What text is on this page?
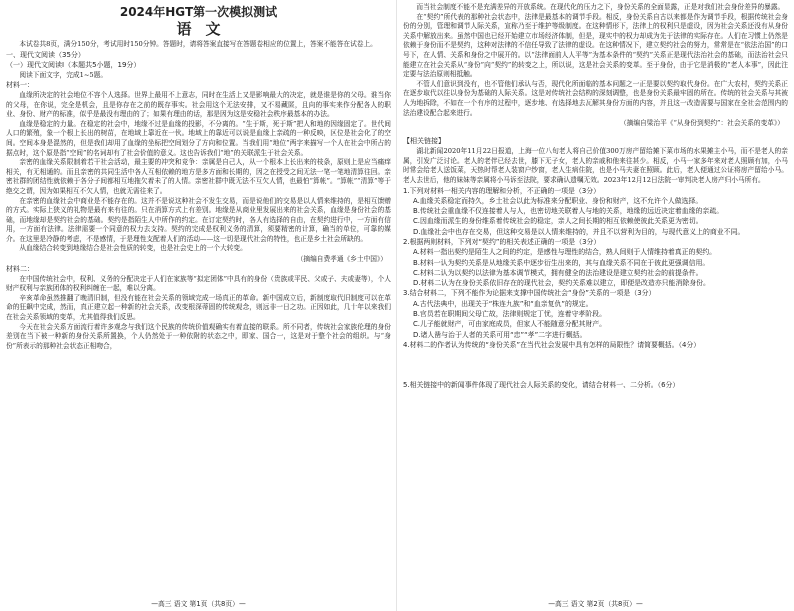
2024年HGT第一次模拟测试
语文

本试卷共8页，满分150分，考试用时150分钟。答题时，请将答案直接写在答题卷相应的位置上，答案不能答在试卷上。

一、现代文阅读（35分）

（一）现代文阅读Ⅰ（本题共5小题，19分）

阅读下面文字，完成1~5题。

材料一：

血缘所决定的社会地位不容个人选择。世界上最用不上意志，同时在生活上又是影响最大的决定，就是谁是你的父母。谁当你的父母，在你说，完全是机会，且是你存在之前的既存事实。社会用这个无法安排，又不易藏匿，且向的事实来作分配各人的职业、身份、财产的标准，似乎是最没有理由的了；如果有理由的话，那是因为这是安稳社会秩序最基本的办法。

血缘是稳定的力量。在稳定的社会中，地缘不过是血缘的投影，不分离的。“生于斯，死于斯”把人和地的因缘固定了。世代间人口的繁殖，象一个根上长出的树苗，在地域上靠近在一伙。地域上的靠近可以说是血缘上亲疏的一种反映，区位是社会化了的空间。空间本身是混然的，但是我们却用了血缘的坐标把空间划分了方向和位置。当我们用“地位”两字来描写一个人在社会中所占的据点时，这个原是指“空间”的名词却有了社会价值的意义。这也告诉我们“地”的关联派生于社会关系。

亲密的血缘关系限制着若干社会活动，最主要的冲突和竞争：亲属是自己人，从一个根本上长出来的枝条，原则上是应当痛痒相关，有无相通的。而且亲密的共同生活中各人互相依赖的地方是多方面和长期的，因之在授受之间无法一笔一笔地清算往回。亲密社群的团结性就依赖于各分子间都相互地拖欠着未了的人情。亲密社群中既无法不互欠人情，也最怕“算帐”。“算帐”“清算”等于绝交之谓，因为如果相互不欠人情，也就无需往来了。

在亲密的血缘社会中商业是不能存在的。这并不是说这种社会不发生交易，而是说他们的交易是以人情来维持的，是相互馈赠的方式。实际上狭义的礼物是最有来有往的。只在消算方式上有差别。地缘是从商业里发展出来的社会关系，血缘是身份社会的基础，而地缘却是契约社会的基础。契约是指陌生人中所作的约定。在订定契约时，各人有选择的自由，在契约进行中，一方面有信用，一方面有法律。法律需要一个同意的权力去支持。契约的完成是权利义务的清算，须要精密的计算，确当的单位，可靠的媒介。在这里是冷静的考虑，不是感情，于是理性支配着人们的活动——这一切是现代社会的特性，也正是乡土社会所缺的。

从血缘结合转变到地缘结合是社会性质的转变，也是社会史上的一个大转变。

（摘编自费孝通《乡土中国》）

材料二：

在中国传统社会中，权利、义务的分配决定于人们在家族等“拟定团体”中具有的身份（贵族或平民、父或子、夫或妻等），个人财产权利与亲族团体的权利纠缠在一起，难以分离。

辛亥革命虽然推翻了晚清旧制，但没有能在社会关系的领域完成一场真正的革命。新中国成立后，新制度取代旧制度可以在革命的狂飙中完成，然而，真正建立起一种新的社会关系，改变根深蒂固的传统观念，则远非一日之功。正因如此，几十年以来我们在社会关系领域的变革，尤其值得我们反思。

今天在社会关系方面流行着许多观念与我们这个民族的传统价值观确实有着直接的联系。所不同者，传统社会家族伦理的身份差别在当下被一种新的身份关系所置换，个人仍然处于一种依附的状态之中，即家、国合一，这是对于整个社会的组织。与“身份”所表示的那种社会状态正相吻合，

—高三 语文 第1页（共8页）—

而当社会制度不能不是充满差异的开放系统。在现代化的压力之下，身份关系的全面显露，正是对我们社会身份差异的暴露。

在“契约”所代表的那种社会状态中，法律是最基本的调节手段。相反，身份关系自古以来都是作为调节手段，根据传统社会身份的分别，管理和调节人际关系，宣称乃至于维护等级制度。在这种情形下，法律上的权利只是虚设，因为社会关系还没有从身份关系中解放出来。虽然中国也已经开始建立市场经济体制，但是，现实中的权力却成为先于法律的实际存在。人们在习惯上仍然是依赖于身份而不是契约，这种对法律的不信任导致了法律的虚设。在这种情况下，建立契约社会的努力，常常是在“依法治国”的口号下，在人情、关系和身份之中展开的。以“法律面前人人平等”为基本条件的“契约”关系正是现代法治社会的基础，而法治社会只能建立在社会关系从“身份”向“契约”的转变之上，所以说，这是社会关系的变革。至于身份，由于它是消极的“老人本事”，因此注定要与法治原则相抵触。

不管人们意识到没有，也不管他们承认与否，现代化所面临的基本问题之一正是要以契约取代身份。在广大农村，契约关系正在逐步取代以往以身份为基础的人际关系。这是对传统社会结构的深刻调整，也是身份关系最牢固的所在。传统的社会关系与其被人为地拆除，不如在一个有序的过程中，逐步地、有选择地去瓦解其身份方面的内容，并且这一改造需要与国家在全社会范围内的法治建设配合起来进行。

（摘编自梁治平《“从身份到契约”：社会关系的变革》）

【相关链接】

湖北新闻2020年11月22日报道，上海一位八旬老人将自己价值300万房产留给摊下菜市场的水果摊主小马，而不是老人的亲属，引发广泛讨论。老人的老伴已经去世，膝下无子女，老人的亲戚和他来往甚少。相反，小马一家多年来对老人照顾有加，小马时常会给老人送饭菜，天热时帮老人装窗户纱窗，老人生病住院，也是小马夫妻在照顾。此后，老人便通过公证将房产留给小马。老人去世后，他的妹妹等亲属将小马诉至法院，要求确认遗嘱无效。2023年12月12日法院一审判决老人房产归小马所有。

1.下列对材料一相关内容的理解和分析，不正确的一项是（3分）

A.血缘关系稳定而持久，乡土社会以此为标准来分配职业、身份和财产，这不允许个人做选择。

B.传统社会重血缘不仅连接着人与人，也密切地关联着人与地的关系，地缘的远近决定着血缘的亲疏。

C.因血缘而派生的身份维系着传统社会的稳定，亲人之间长期的相互依赖使彼此关系更为密切。

D.血缘社会中也存在交易，但这种交易是以人情来维持的，并且不以营利为目的，与现代意义上的商业不同。

2.根据两则材料，下列对“契约”的相关表述正确的一项是（3分）

A.材料一指出契约是陌生人之间的约定，是感性与理性的结合，熟人间则于人情维持着真正的契约。

B.材料一认为契约关系是从地缘关系中逐步衍生出来的，其与血缘关系不同在于彼此更强调信用。

C.材料二认为以契约以法律为基本调节模式，拥有健全的法治建设是建立契约社会的前提条件。

D.材料二认为在身份关系依旧存在的现代社会，契约关系难以建立，即便是改造亦只能消除身份。

3.结合材料二，下列不能作为论据来支撑中国传统社会“身份”关系的一项是（3分）

A.古代法典中，出现关于“株连九族”和“血亲复仇”的规定。

B.官员若在职期间父母亡故，法律则规定丁忧，连着守孝阶段。

C.儿子能就财产，可由家庭成员，但家人不能随意分配其财产。

D.诸人凿与治于人者的关系可用“忠”“孝”二字进行概括。

4.材料二的作者认为传统的“身份关系”在当代社会发展中具有怎样的局限性？请简要概括。（4分）

5.相关链接中的新闻事件体现了现代社会人际关系的变化，请结合材料一、二分析。（6分）

—高三 语文 第2页（共8页）—
